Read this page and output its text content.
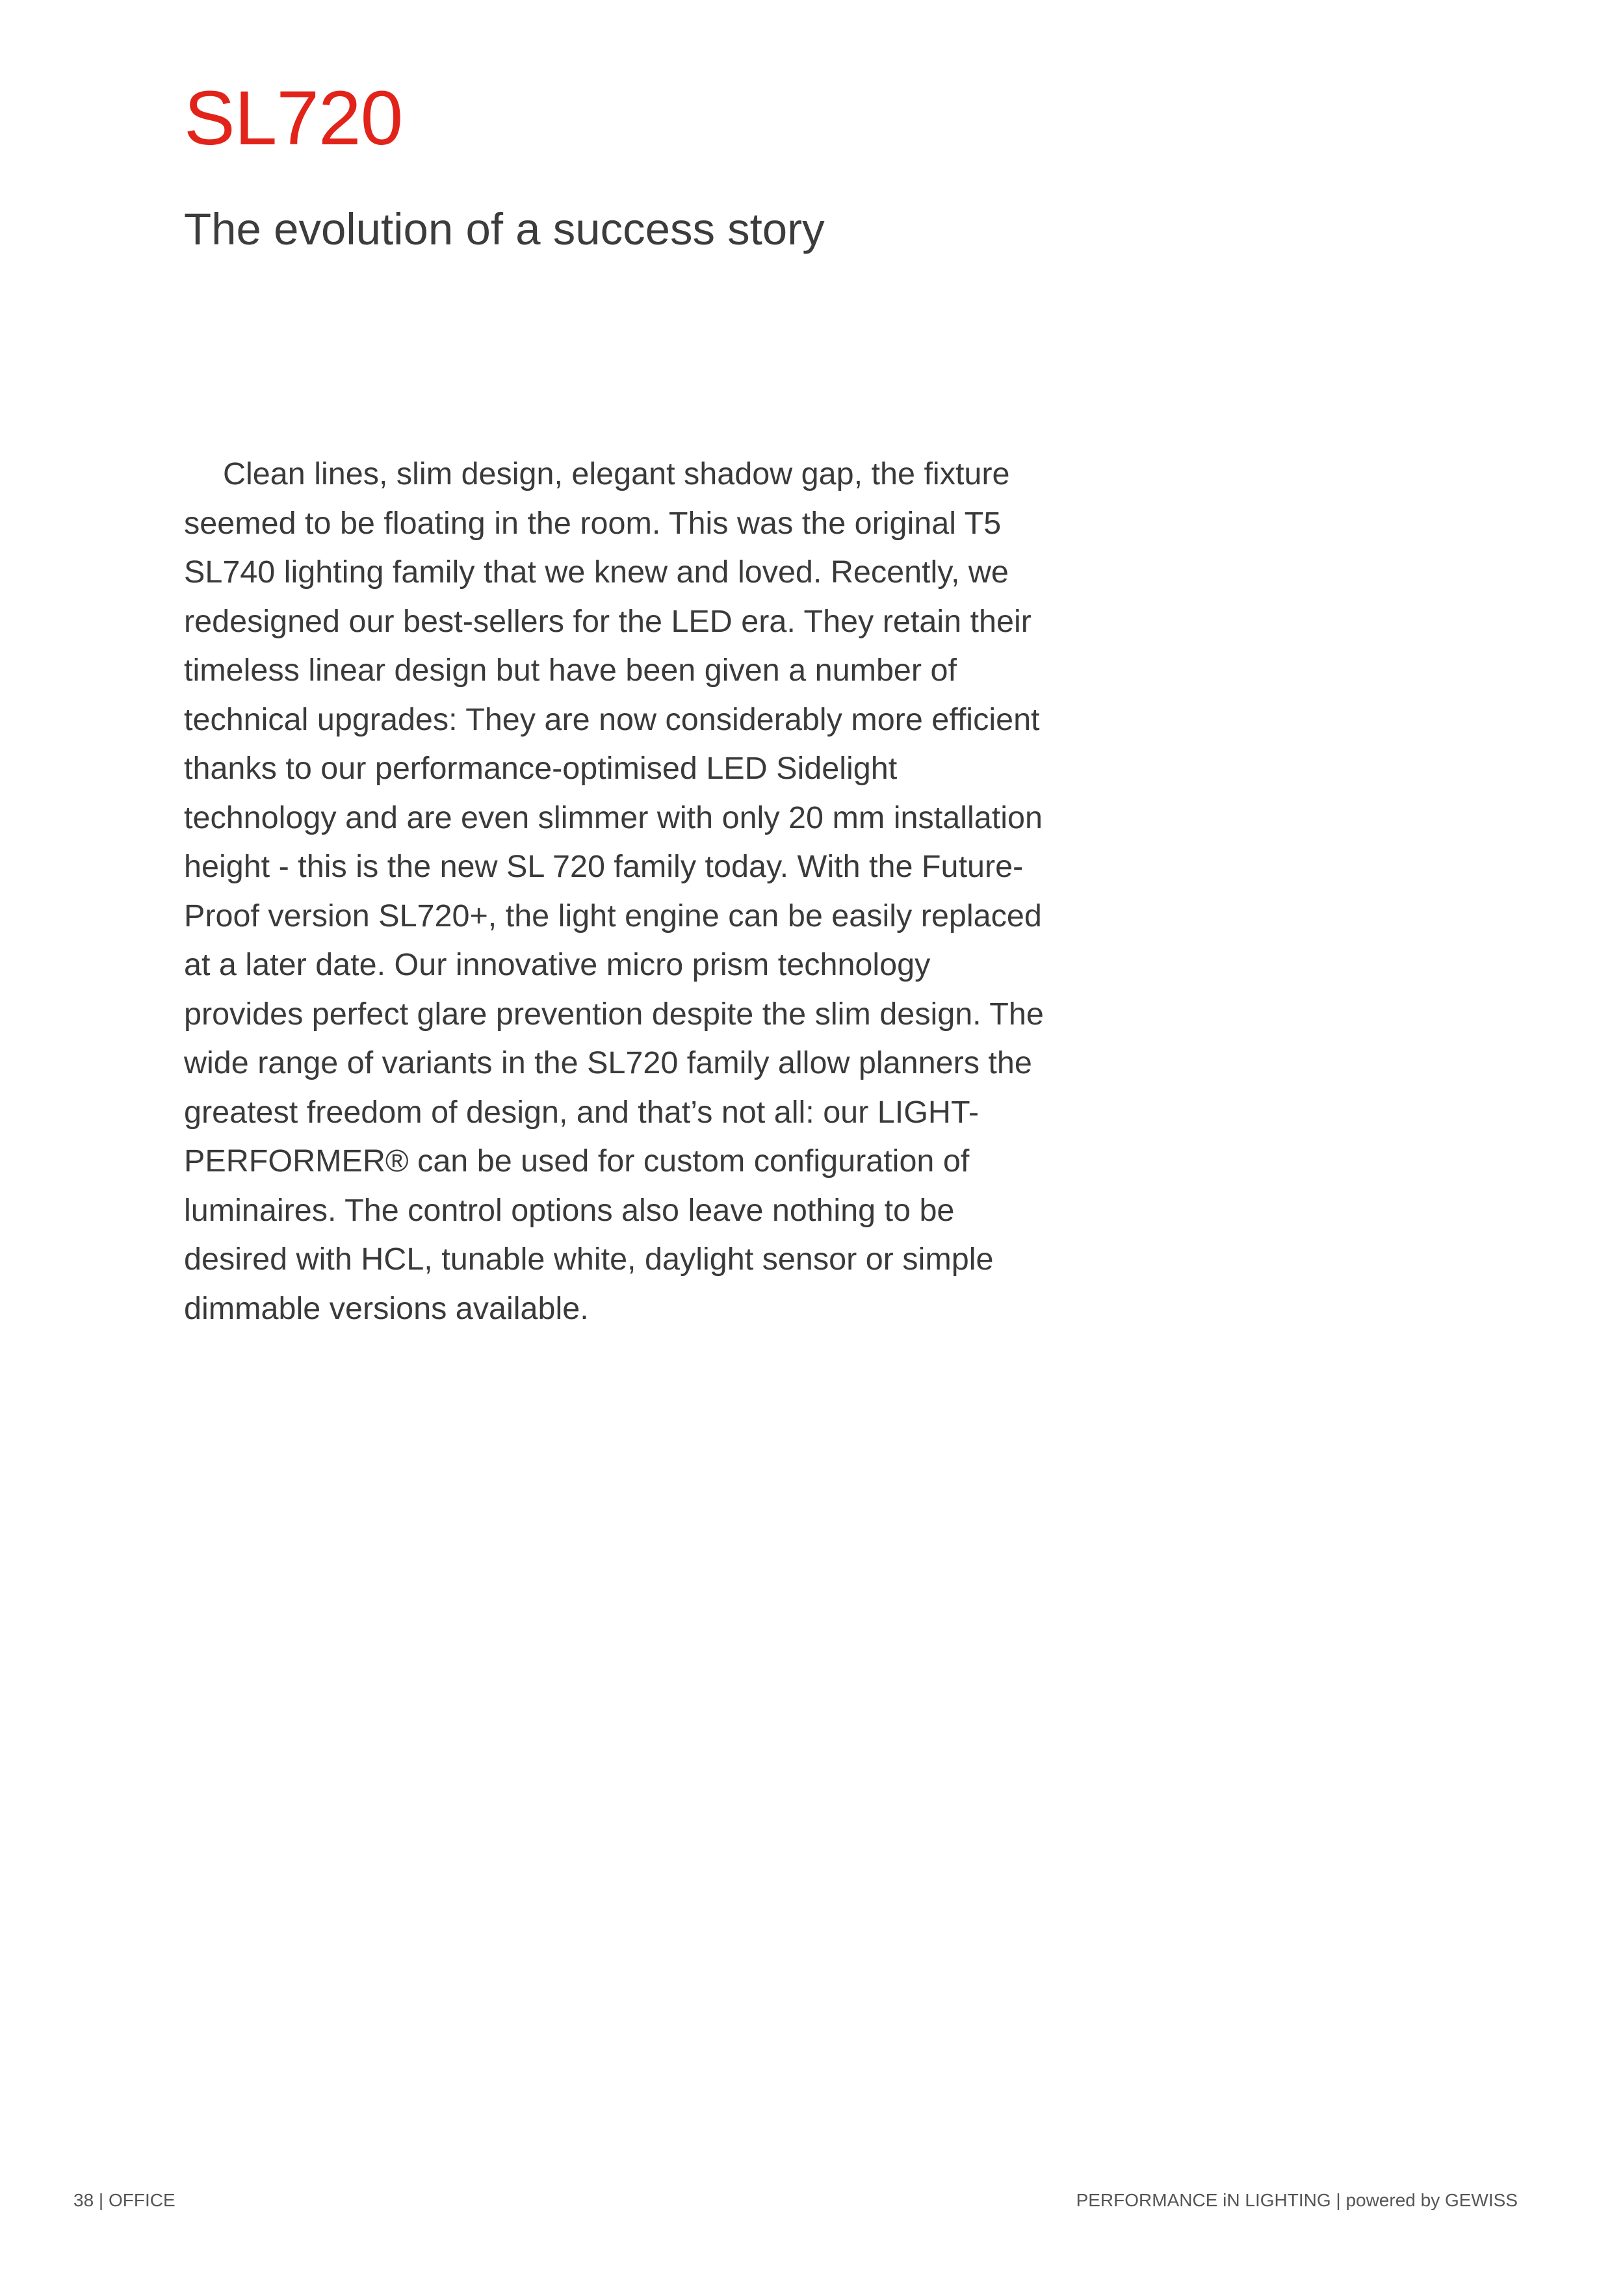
SL720
The evolution of a success story

Clean lines, slim design, elegant shadow gap, the fixture seemed to be floating in the room. This was the original T5 SL740 lighting family that we knew and loved. Recently, we redesigned our best-sellers for the LED era. They retain their timeless linear design but have been given a number of technical upgrades: They are now considerably more efficient thanks to our performance-optimised LED Sidelight technology and are even slimmer with only 20 mm installation height - this is the new SL 720 family today. With the Future-Proof version SL720+, the light engine can be easily replaced at a later date. Our innovative micro prism technology provides perfect glare prevention despite the slim design. The wide range of variants in the SL720 family allow planners the greatest freedom of design, and that’s not all: our LIGHT-PERFORMER® can be used for custom configuration of luminaires. The control options also leave nothing to be desired with HCL, tunable white, daylight sensor or simple dimmable versions available.

38 | OFFICE	PERFORMANCE iN LIGHTING | powered by GEWISS
